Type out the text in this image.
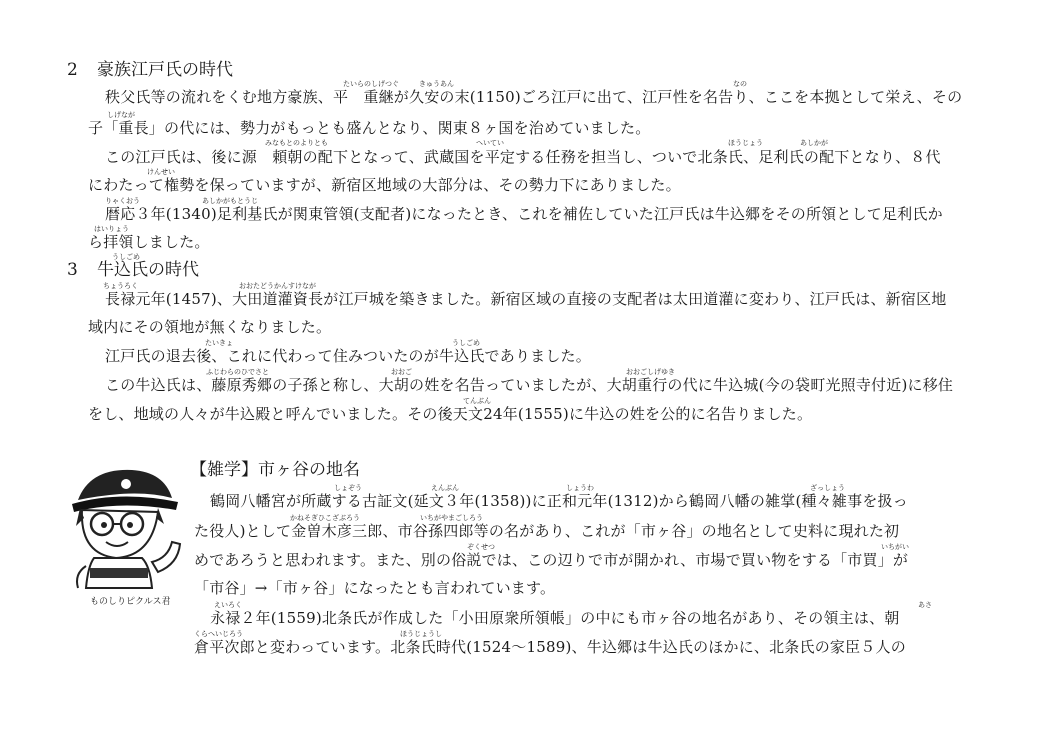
2 豪族江戸氏の時代
たいらのしげつぐ	きゅうあん	なの
秩父氏等の流れをくむ地方豪族、平　重継が久安の末(1150)ごろ江戸に出て、江戸性を名告り、ここを本拠として栄え、その
しげなが
子「重長」の代には、勢力がもっとも盛んとなり、関東８ヶ国を治めていました。
みなもとのよりとも	へいてい	ほうじょう	あしかが
この江戸氏は、後に源　頼朝の配下となって、武蔵国を平定する任務を担当し、ついで北条氏、足利氏の配下となり、８代
けんせい
にわたって権勢を保っていますが、新宿区地域の大部分は、その勢力下にありました。
りゃくおう	あしかがもとうじ
暦応３年(1340)足利基氏が関東管領(支配者)になったとき、これを補佐していた江戸氏は牛込郷をその所領として足利氏か
はいりょう
ら拝領しました。
うしごめ
3 牛込氏の時代
ちょうろく	おおたどうかんすけなが
長禄元年(1457)、大田道灌資長が江戸城を築きました。新宿区域の直接の支配者は太田道灌に変わり、江戸氏は、新宿区地
域内にその領地が無くなりました。
たいきょ	うしごめ
江戸氏の退去後、これに代わって住みついたのが牛込氏でありました。
ふじわらのひでさと	おおご	おおごしげゆき
この牛込氏は、藤原秀郷の子孫と称し、大胡の姓を名告っていましたが、大胡重行の代に牛込城(今の袋町光照寺付近)に移住
てんぶん
をし、地域の人々が牛込殿と呼んでいました。その後天文24年(1555)に牛込の姓を公的に名告りました。
ものしりピクルス君
【雑学】市ヶ谷の地名
しょぞう	えんぶん	しょうわ	ざっしょう
鶴岡八幡宮が所蔵する古証文(延文３年(1358))に正和元年(1312)から鶴岡八幡の雑掌(種々雑事を扱っ
かねそぎひこざぶろう	いちがやまごしろう
た役人)として金曽木彦三郎、市谷孫四郎等の名があり、これが「市ヶ谷」の地名として史料に現れた初
ぞくせつ	いちがい
めであろうと思われます。また、別の俗説では、この辺りで市が開かれ、市場で買い物をする「市買」が
「市谷」→「市ヶ谷」になったとも言われています。
えいろく	あさ
永禄２年(1559)北条氏が作成した「小田原衆所領帳」の中にも市ヶ谷の地名があり、その領主は、朝
くらへいじろう	ほうじょうし
倉平次郎と変わっています。北条氏時代(1524〜1589)、牛込郷は牛込氏のほかに、北条氏の家臣５人の
